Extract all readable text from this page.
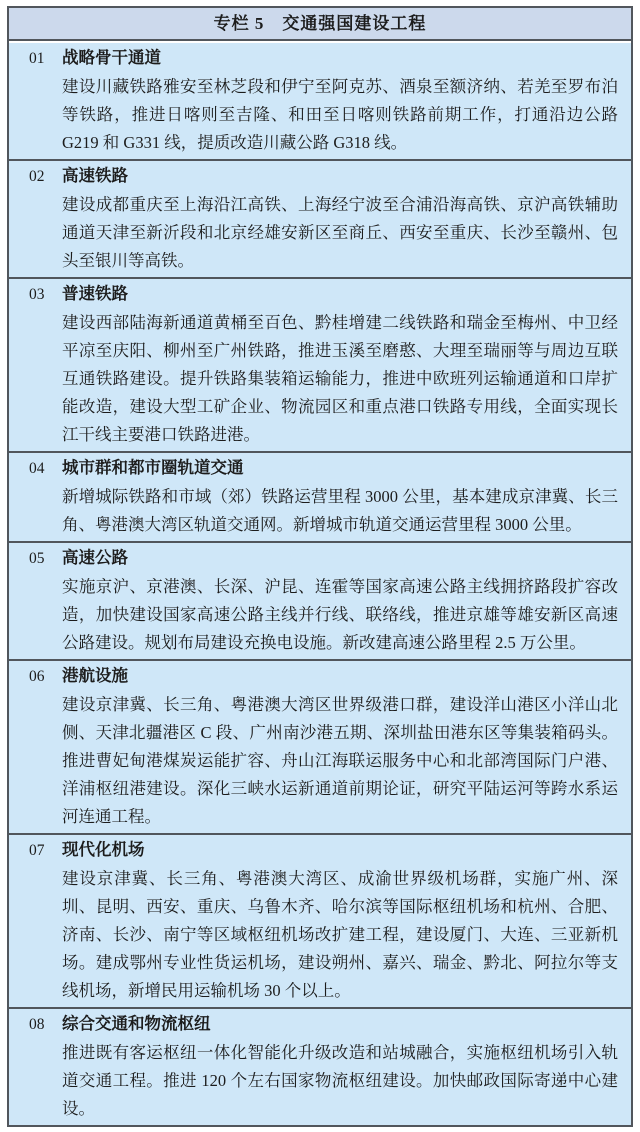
专栏 5　交通强国建设工程
01 战略骨干通道

建设川藏铁路雅安至林芝段和伊宁至阿克苏、酒泉至额济纳、若羌至罗布泊等铁路，推进日喀则至吉隆、和田至日喀则铁路前期工作，打通沿边公路 G219 和 G331 线，提质改造川藏公路 G318 线。

02 高速铁路

建设成都重庆至上海沿江高铁、上海经宁波至合浦沿海高铁、京沪高铁辅助通道天津至新沂段和北京经雄安新区至商丘、西安至重庆、长沙至赣州、包头至银川等高铁。

03 普速铁路

建设西部陆海新通道黄桶至百色、黔桂增建二线铁路和瑞金至梅州、中卫经平凉至庆阳、柳州至广州铁路，推进玉溪至磨憨、大理至瑞丽等与周边互联互通铁路建设。提升铁路集装箱运输能力，推进中欧班列运输通道和口岸扩能改造，建设大型工矿企业、物流园区和重点港口铁路专用线，全面实现长江干线主要港口铁路进港。

04 城市群和都市圈轨道交通

新增城际铁路和市域（郊）铁路运营里程 3000 公里，基本建成京津冀、长三角、粤港澳大湾区轨道交通网。新增城市轨道交通运营里程 3000 公里。

05 高速公路

实施京沪、京港澳、长深、沪昆、连霍等国家高速公路主线拥挤路段扩容改造，加快建设国家高速公路主线并行线、联络线，推进京雄等雄安新区高速公路建设。规划布局建设充换电设施。新改建高速公路里程 2.5 万公里。

06 港航设施

建设京津冀、长三角、粤港澳大湾区世界级港口群，建设洋山港区小洋山北侧、天津北疆港区 C 段、广州南沙港五期、深圳盐田港东区等集装箱码头。推进曹妃甸港煤炭运能扩容、舟山江海联运服务中心和北部湾国际门户港、洋浦枢纽港建设。深化三峡水运新通道前期论证，研究平陆运河等跨水系运河连通工程。

07 现代化机场

建设京津冀、长三角、粤港澳大湾区、成渝世界级机场群，实施广州、深圳、昆明、西安、重庆、乌鲁木齐、哈尔滨等国际枢纽机场和杭州、合肥、济南、长沙、南宁等区域枢纽机场改扩建工程，建设厦门、大连、三亚新机场。建成鄂州专业性货运机场，建设朔州、嘉兴、瑞金、黔北、阿拉尔等支线机场，新增民用运输机场 30 个以上。

08 综合交通和物流枢纽

推进既有客运枢纽一体化智能化升级改造和站城融合，实施枢纽机场引入轨道交通工程。推进 120 个左右国家物流枢纽建设。加快邮政国际寄递中心建设。
